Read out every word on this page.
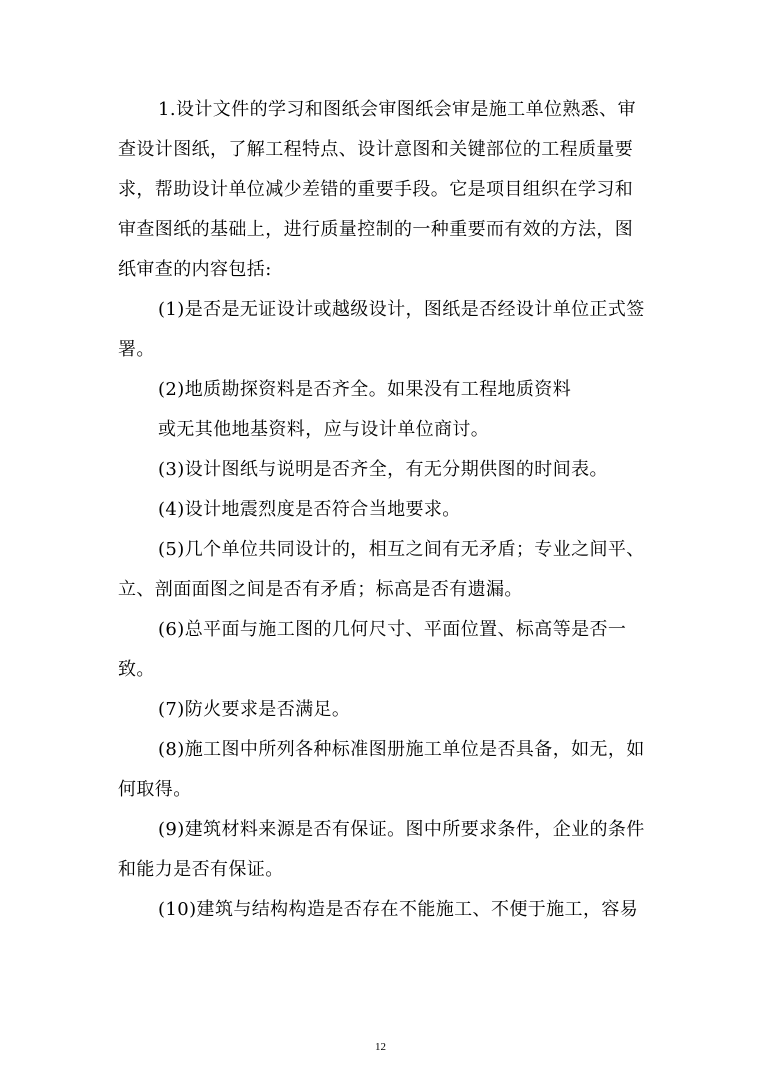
1.设计文件的学习和图纸会审图纸会审是施工单位熟悉、审查设计图纸，了解工程特点、设计意图和关键部位的工程质量要求，帮助设计单位减少差错的重要手段。它是项目组织在学习和审查图纸的基础上，进行质量控制的一种重要而有效的方法，图纸审查的内容包括:

(1)是否是无证设计或越级设计，图纸是否经设计单位正式签署。

(2)地质勘探资料是否齐全。如果没有工程地质资料

或无其他地基资料，应与设计单位商讨。

(3)设计图纸与说明是否齐全，有无分期供图的时间表。

(4)设计地震烈度是否符合当地要求。

(5)几个单位共同设计的，相互之间有无矛盾；专业之间平、立、剖面面图之间是否有矛盾；标高是否有遗漏。

(6)总平面与施工图的几何尺寸、平面位置、标高等是否一致。

(7)防火要求是否满足。

(8)施工图中所列各种标准图册施工单位是否具备，如无，如何取得。

(9)建筑材料来源是否有保证。图中所要求条件，企业的条件和能力是否有保证。

(10)建筑与结构构造是否存在不能施工、不便于施工，容易

12
